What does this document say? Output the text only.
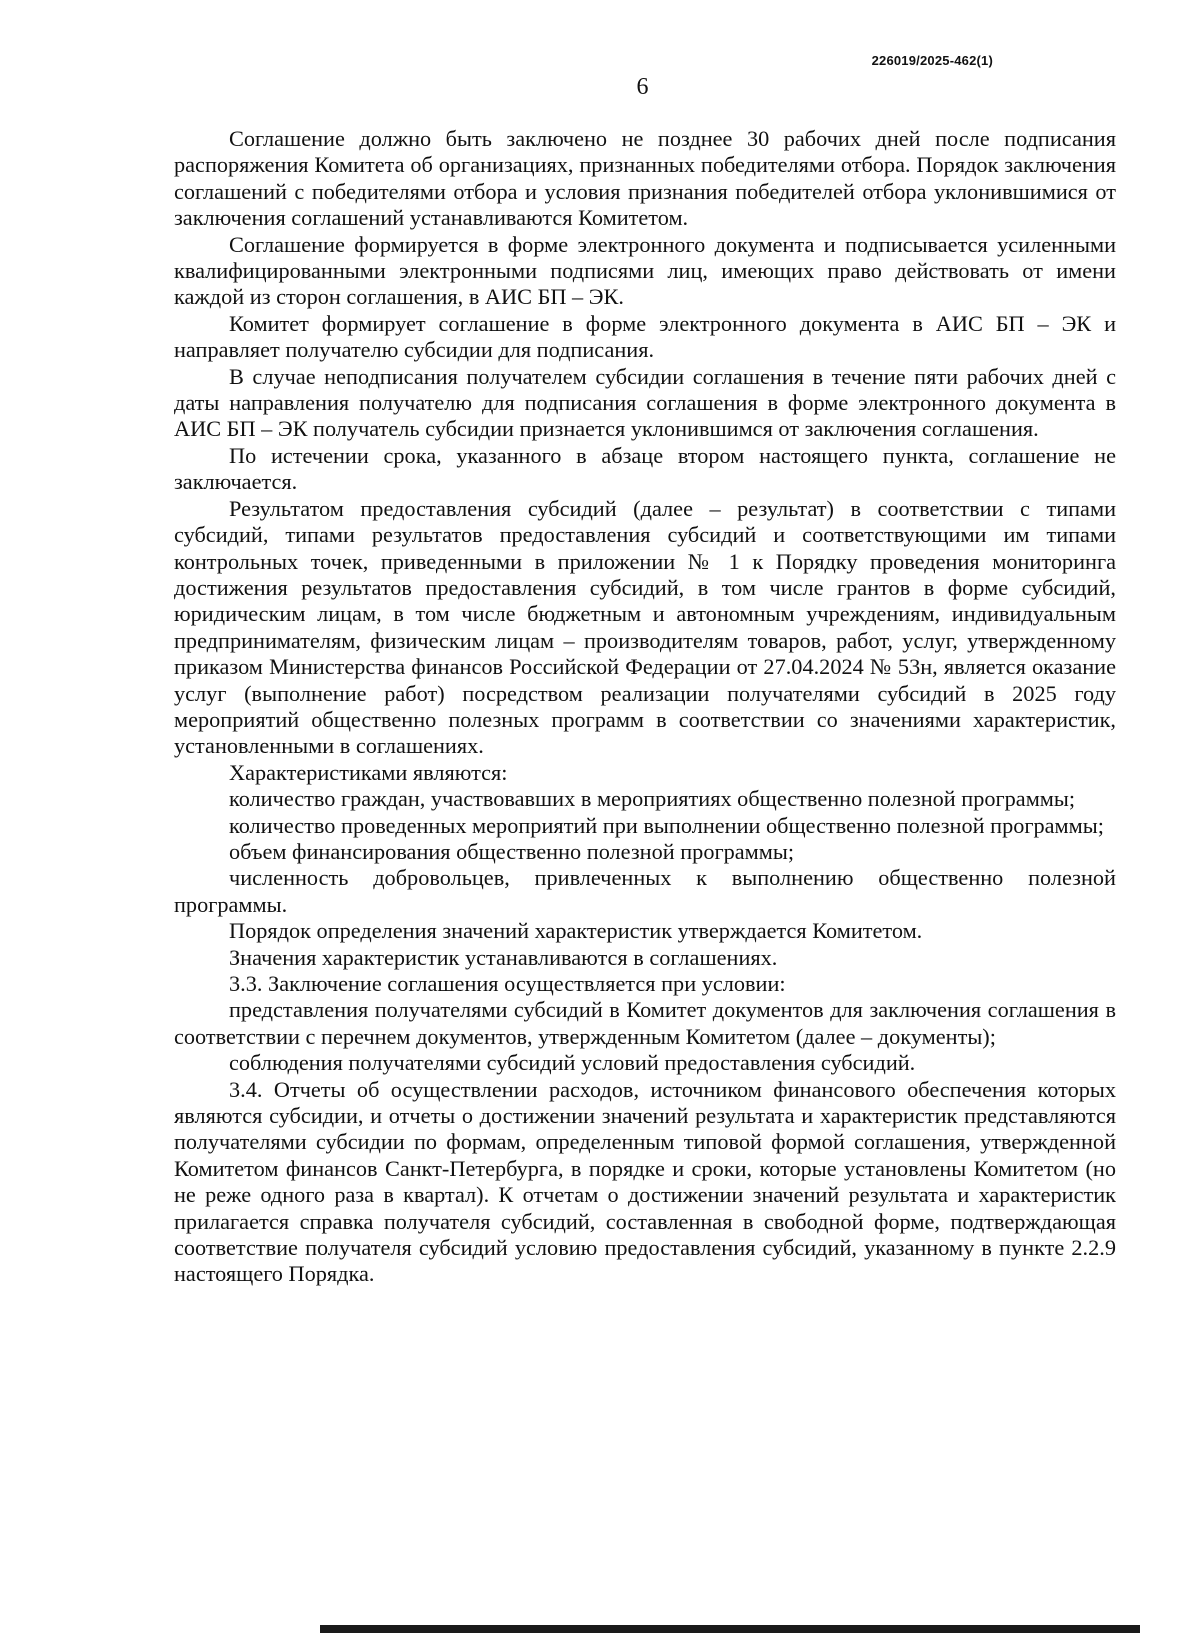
226019/2025-462(1)
6

Соглашение должно быть заключено не позднее 30 рабочих дней после подписания распоряжения Комитета об организациях, признанных победителями отбора. Порядок заключения соглашений с победителями отбора и условия признания победителей отбора уклонившимися от заключения соглашений устанавливаются Комитетом.

Соглашение формируется в форме электронного документа и подписывается усиленными квалифицированными электронными подписями лиц, имеющих право действовать от имени каждой из сторон соглашения, в АИС БП – ЭК.

Комитет формирует соглашение в форме электронного документа в АИС БП – ЭК и направляет получателю субсидии для подписания.

В случае неподписания получателем субсидии соглашения в течение пяти рабочих дней с даты направления получателю для подписания соглашения в форме электронного документа в АИС БП – ЭК получатель субсидии признается уклонившимся от заключения соглашения.

По истечении срока, указанного в абзаце втором настоящего пункта, соглашение не заключается.

Результатом предоставления субсидий (далее – результат) в соответствии с типами субсидий, типами результатов предоставления субсидий и соответствующими им типами контрольных точек, приведенными в приложении № 1 к Порядку проведения мониторинга достижения результатов предоставления субсидий, в том числе грантов в форме субсидий, юридическим лицам, в том числе бюджетным и автономным учреждениям, индивидуальным предпринимателям, физическим лицам – производителям товаров, работ, услуг, утвержденному приказом Министерства финансов Российской Федерации от 27.04.2024 № 53н, является оказание услуг (выполнение работ) посредством реализации получателями субсидий в 2025 году мероприятий общественно полезных программ в соответствии со значениями характеристик, установленными в соглашениях.

Характеристиками являются:

количество граждан, участвовавших в мероприятиях общественно полезной программы;

количество проведенных мероприятий при выполнении общественно полезной программы;

объем финансирования общественно полезной программы;

численность добровольцев, привлеченных к выполнению общественно полезной программы.

Порядок определения значений характеристик утверждается Комитетом.

Значения характеристик устанавливаются в соглашениях.

3.3. Заключение соглашения осуществляется при условии:

представления получателями субсидий в Комитет документов для заключения соглашения в соответствии с перечнем документов, утвержденным Комитетом (далее – документы);

соблюдения получателями субсидий условий предоставления субсидий.

3.4. Отчеты об осуществлении расходов, источником финансового обеспечения которых являются субсидии, и отчеты о достижении значений результата и характеристик представляются получателями субсидии по формам, определенным типовой формой соглашения, утвержденной Комитетом финансов Санкт-Петербурга, в порядке и сроки, которые установлены Комитетом (но не реже одного раза в квартал). К отчетам о достижении значений результата и характеристик прилагается справка получателя субсидий, составленная в свободной форме, подтверждающая соответствие получателя субсидий условию предоставления субсидий, указанному в пункте 2.2.9 настоящего Порядка.
